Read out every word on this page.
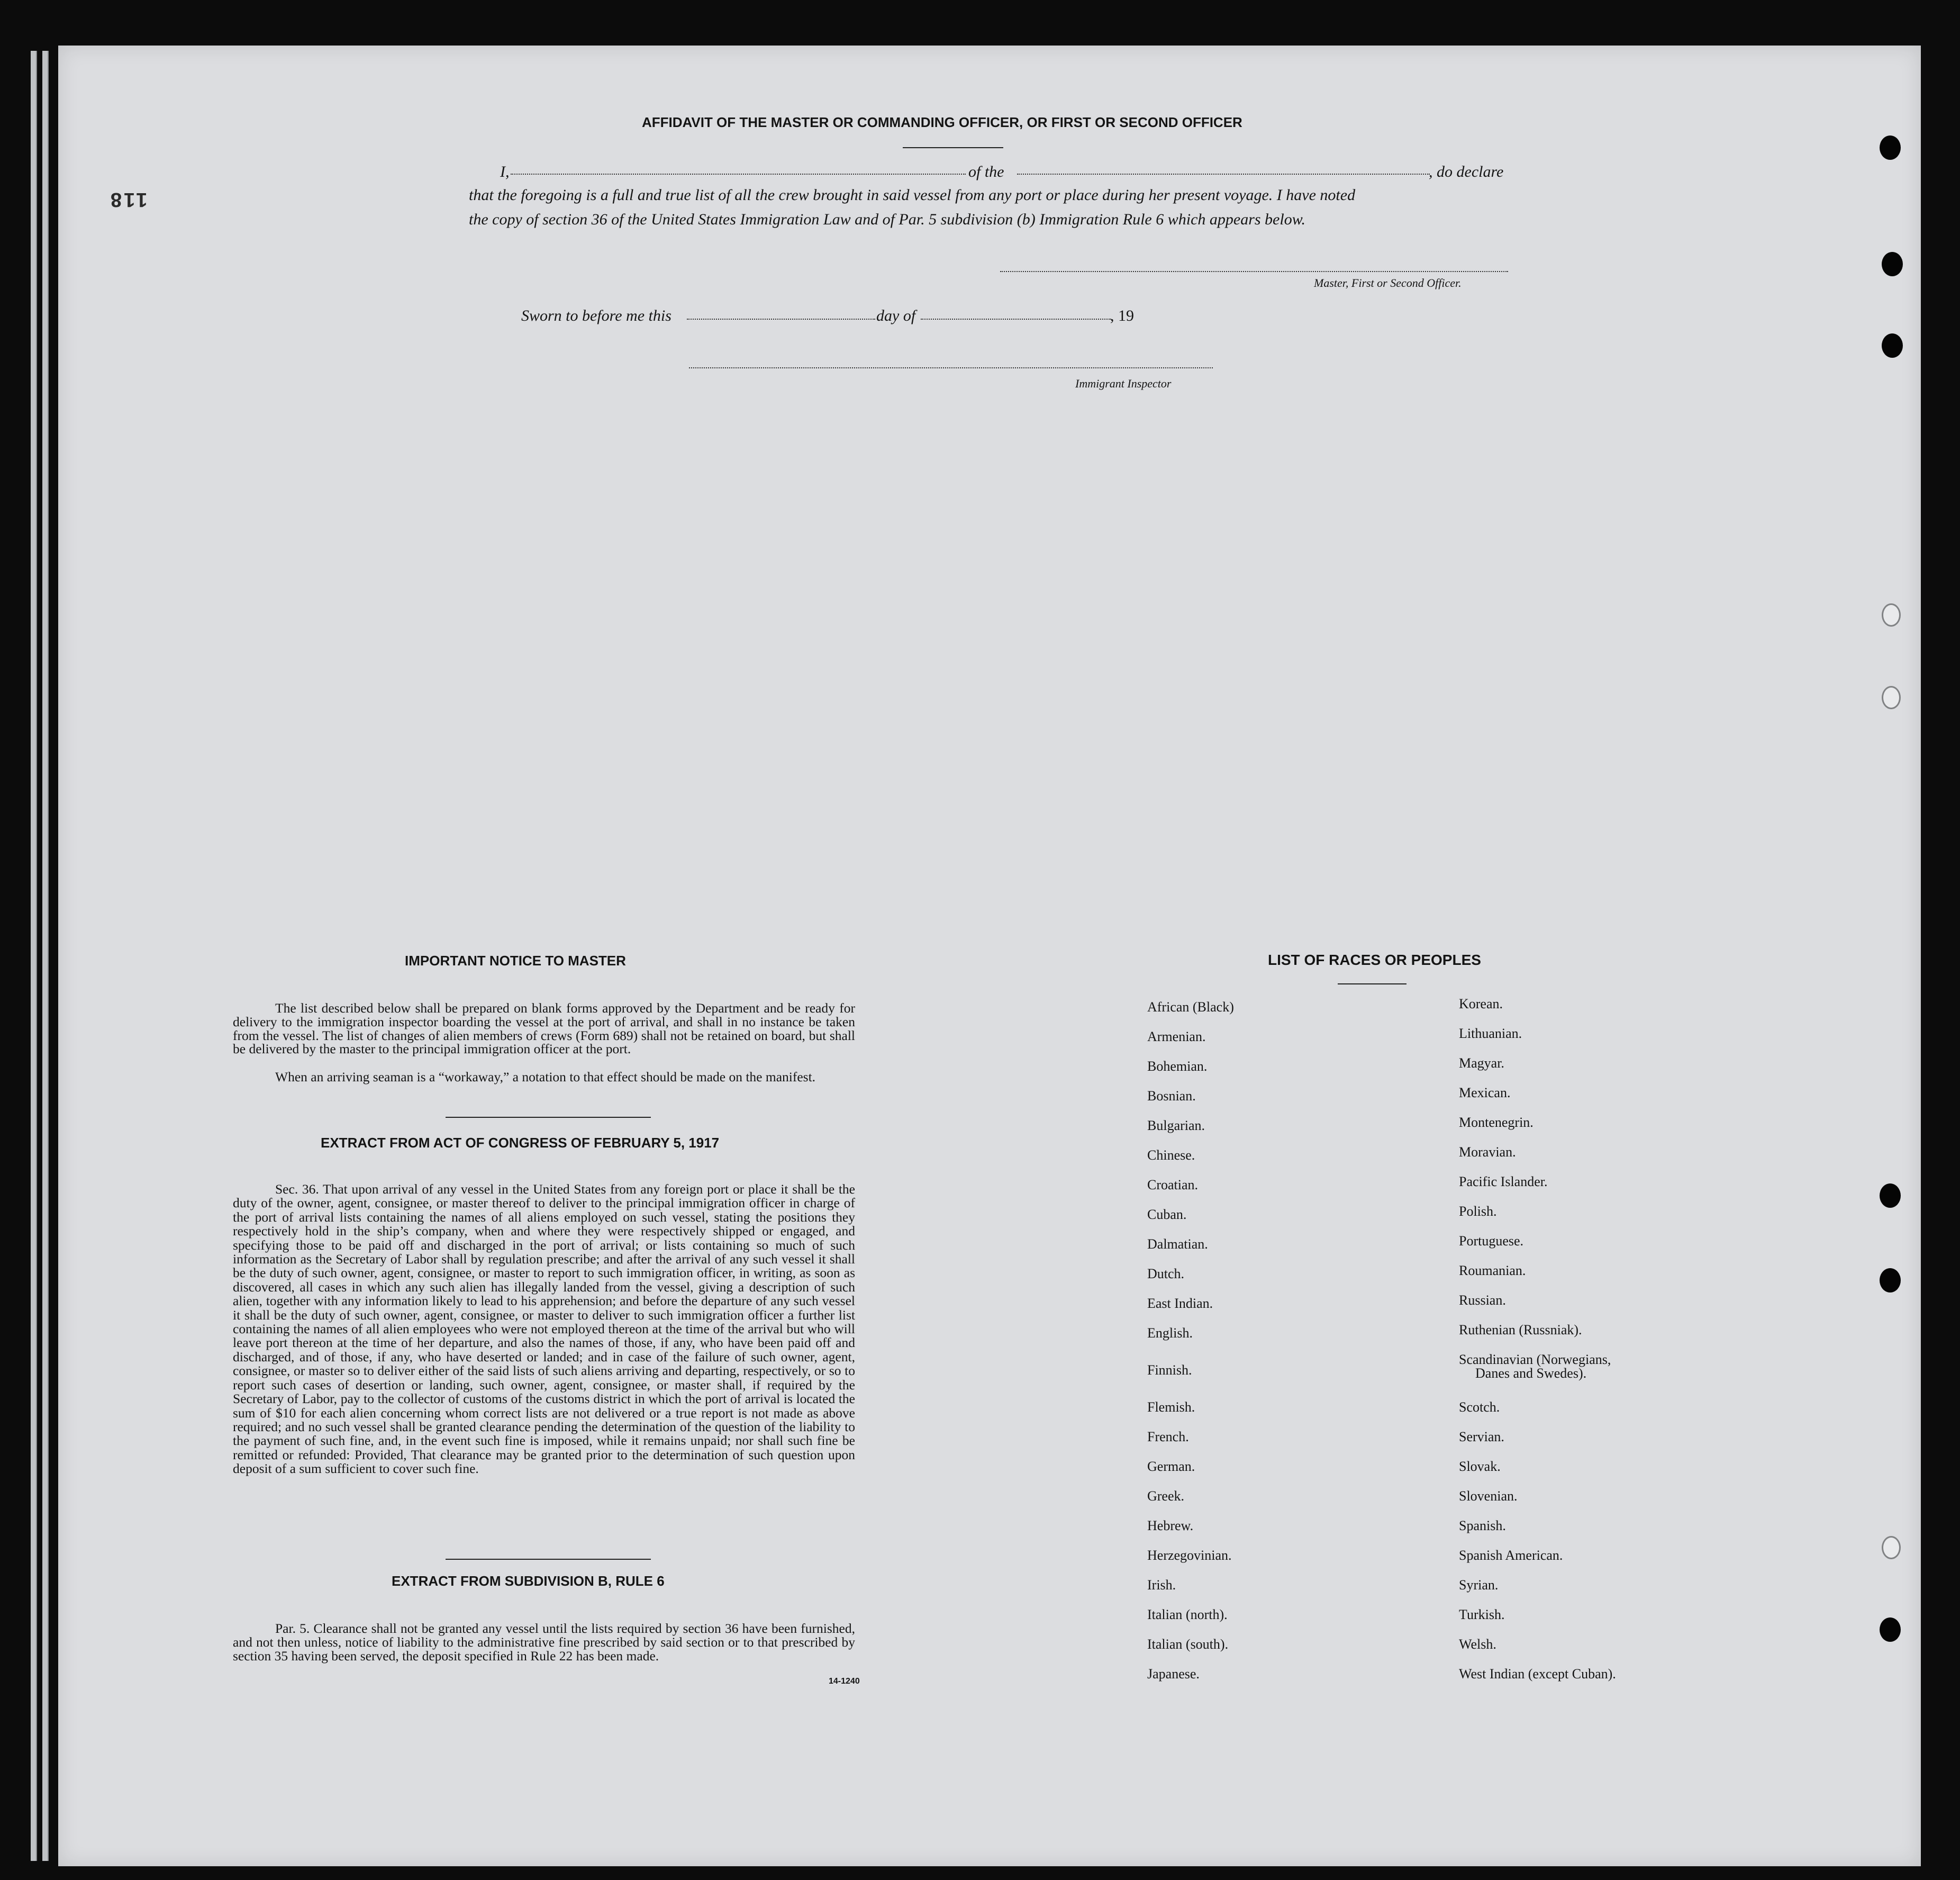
118
AFFIDAVIT OF THE MASTER OR COMMANDING OFFICER, OR FIRST OR SECOND OFFICER
I,	of the	, do declare
that the foregoing is a full and true list of all the crew brought in said vessel from any port or place during her present voyage. I have noted
the copy of section 36 of the United States Immigration Law and of Par. 5 subdivision (b) Immigration Rule 6 which appears below.
Master, First or Second Officer.
Sworn to before me this	day of	, 19
Immigrant Inspector
IMPORTANT NOTICE TO MASTER

The list described below shall be prepared on blank forms approved by the Department and be ready for delivery to the immigration inspector boarding the vessel at the port of arrival, and shall in no instance be taken from the vessel. The list of changes of alien members of crews (Form 689) shall not be retained on board, but shall be delivered by the master to the principal immigration officer at the port.

When an arriving seaman is a “workaway,” a notation to that effect should be made on the manifest.

EXTRACT FROM ACT OF CONGRESS OF FEBRUARY 5, 1917

Sec. 36. That upon arrival of any vessel in the United States from any foreign port or place it shall be the duty of the owner, agent, consignee, or master thereof to deliver to the principal immigration officer in charge of the port of arrival lists containing the names of all aliens employed on such vessel, stating the positions they respectively hold in the ship’s company, when and where they were respectively shipped or engaged, and specifying those to be paid off and discharged in the port of arrival; or lists containing so much of such information as the Secretary of Labor shall by regulation prescribe; and after the arrival of any such vessel it shall be the duty of such owner, agent, consignee, or master to report to such immigration officer, in writing, as soon as discovered, all cases in which any such alien has illegally landed from the vessel, giving a description of such alien, together with any information likely to lead to his apprehension; and before the departure of any such vessel it shall be the duty of such owner, agent, consignee, or master to deliver to such immigration officer a further list containing the names of all alien employees who were not employed thereon at the time of the arrival but who will leave port thereon at the time of her departure, and also the names of those, if any, who have been paid off and discharged, and of those, if any, who have deserted or landed; and in case of the failure of such owner, agent, consignee, or master so to deliver either of the said lists of such aliens arriving and departing, respectively, or so to report such cases of desertion or landing, such owner, agent, consignee, or master shall, if required by the Secretary of Labor, pay to the collector of customs of the customs district in which the port of arrival is located the sum of $10 for each alien concerning whom correct lists are not delivered or a true report is not made as above required; and no such vessel shall be granted clearance pending the determination of the question of the liability to the payment of such fine, and, in the event such fine is imposed, while it remains unpaid; nor shall such fine be remitted or refunded: Provided, That clearance may be granted prior to the determination of such question upon deposit of a sum sufficient to cover such fine.

EXTRACT FROM SUBDIVISION B, RULE 6

Par. 5. Clearance shall not be granted any vessel until the lists required by section 36 have been furnished, and not then unless, notice of liability to the administrative fine prescribed by said section or to that prescribed by section 35 having been served, the deposit specified in Rule 22 has been made.

14-1240
LIST OF RACES OR PEOPLES
African (Black)
Armenian.
Bohemian.
Bosnian.
Bulgarian.
Chinese.
Croatian.
Cuban.
Dalmatian.
Dutch.
East Indian.
English.
Finnish.
Flemish.
French.
German.
Greek.
Hebrew.
Herzegovinian.
Irish.
Italian (north).
Italian (south).
Japanese.
Korean.
Lithuanian.
Magyar.
Mexican.
Montenegrin.
Moravian.
Pacific Islander.
Polish.
Portuguese.
Roumanian.
Russian.
Ruthenian (Russniak).
Scandinavian (Norwegians,
Scotch.
Servian.
Slovak.
Slovenian.
Spanish.
Spanish American.
Syrian.
Turkish.
Welsh.
West Indian (except Cuban).
Danes and Swedes).
